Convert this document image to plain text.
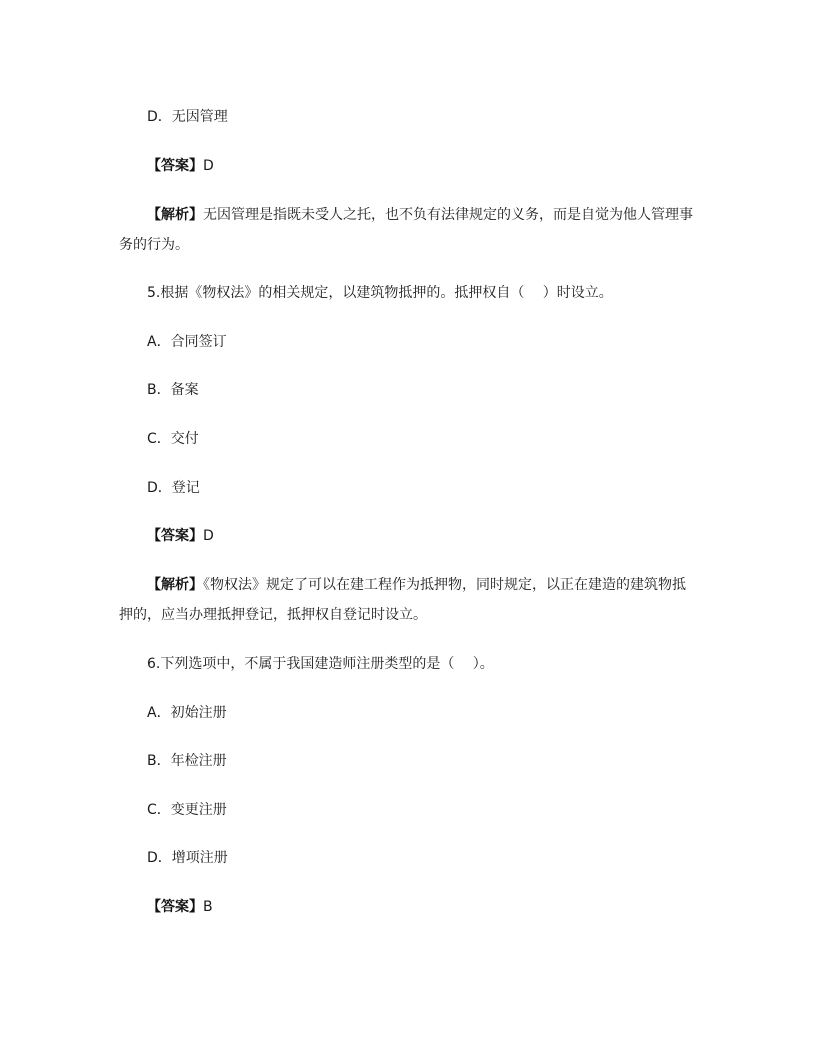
D．无因管理
【答案】D
【解析】无因管理是指既未受人之托，也不负有法律规定的义务，而是自觉为他人管理事务的行为。
5.根据《物权法》的相关规定，以建筑物抵押的。抵押权自（　 ）时设立。
A．合同签订
B．备案
C．交付
D．登记
【答案】D
【解析】《物权法》规定了可以在建工程作为抵押物，同时规定，以正在建造的建筑物抵押的，应当办理抵押登记，抵押权自登记时设立。
6.下列选项中，不属于我国建造师注册类型的是（　 ）。
A．初始注册
B．年检注册
C．变更注册
D．增项注册
【答案】B
